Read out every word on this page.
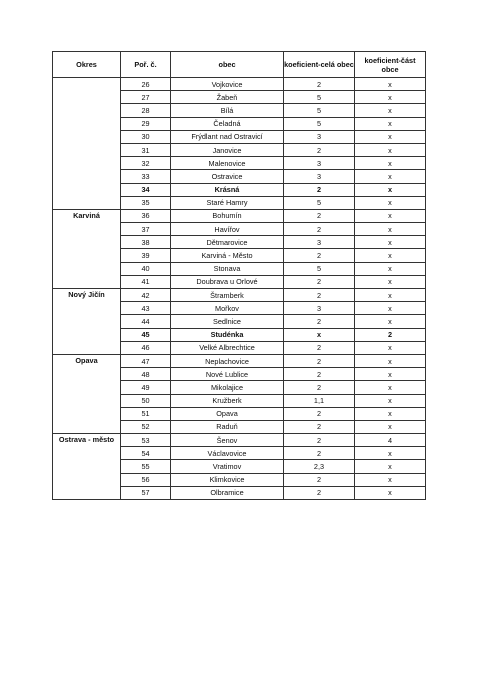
Okres	Poř. č.	obec	koeficient-celá obec	koeficient-část obce
	26	Vojkovice	2	x
	27	Žabeň	5	x
	28	Bílá	5	x
	29	Čeladná	5	x
	30	Frýdlant nad Ostravicí	3	x
	31	Janovice	2	x
	32	Malenovice	3	x
	33	Ostravice	3	x
	34	Krásná	2	x
	35	Staré Hamry	5	x
Karviná	36	Bohumín	2	x
	37	Havířov	2	x
	38	Dětmarovice	3	x
	39	Karviná - Město	2	x
	40	Stonava	5	x
	41	Doubrava u Orlové	2	x
Nový Jičín	42	Štramberk	2	x
	43	Mořkov	3	x
	44	Sedlnice	2	x
	45	Studénka	x	2
	46	Velké Albrechtice	2	x
Opava	47	Neplachovice	2	x
	48	Nové Lublice	2	x
	49	Mikolajice	2	x
	50	Kružberk	1,1	x
	51	Opava	2	x
	52	Raduň	2	x
Ostrava - město	53	Šenov	2	4
	54	Václavovice	2	x
	55	Vratimov	2,3	x
	56	Klimkovice	2	x
	57	Olbramice	2	x
